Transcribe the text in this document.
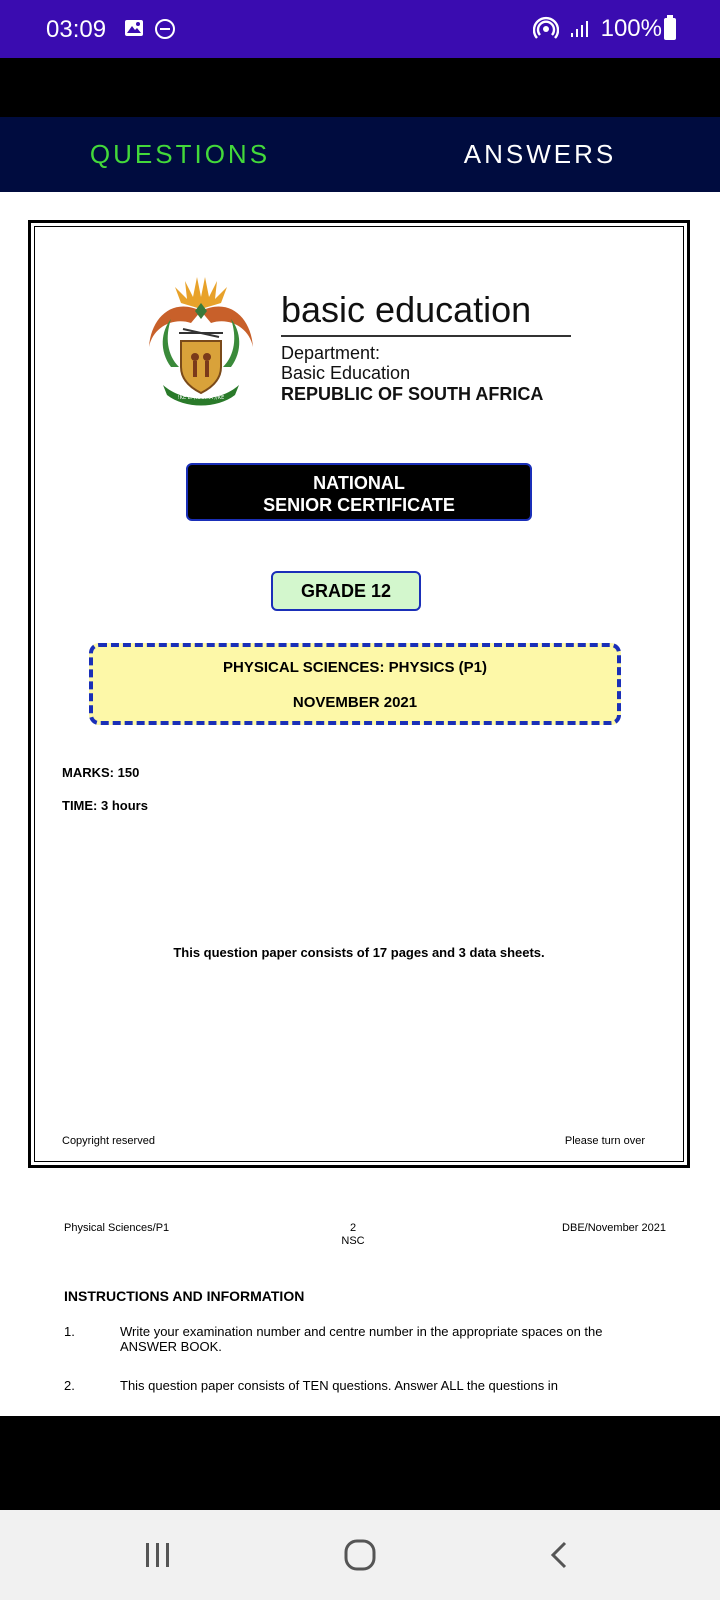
03:09	100%
QUESTIONS	ANSWERS
!KE E: /XARRA //KE
basic education
Department:
Basic Education
REPUBLIC OF SOUTH AFRICA
NATIONAL
SENIOR CERTIFICATE
GRADE 12
PHYSICAL SCIENCES: PHYSICS (P1)
NOVEMBER 2021
MARKS: 150
TIME: 3 hours
This question paper consists of 17 pages and 3 data sheets.
Copyright reserved	Please turn over
Physical Sciences/P1	2
NSC
DBE/November 2021
INSTRUCTIONS AND INFORMATION
1.	Write your examination number and centre number in the appropriate spaces on the ANSWER BOOK.
2.	This question paper consists of TEN questions. Answer ALL the questions in
